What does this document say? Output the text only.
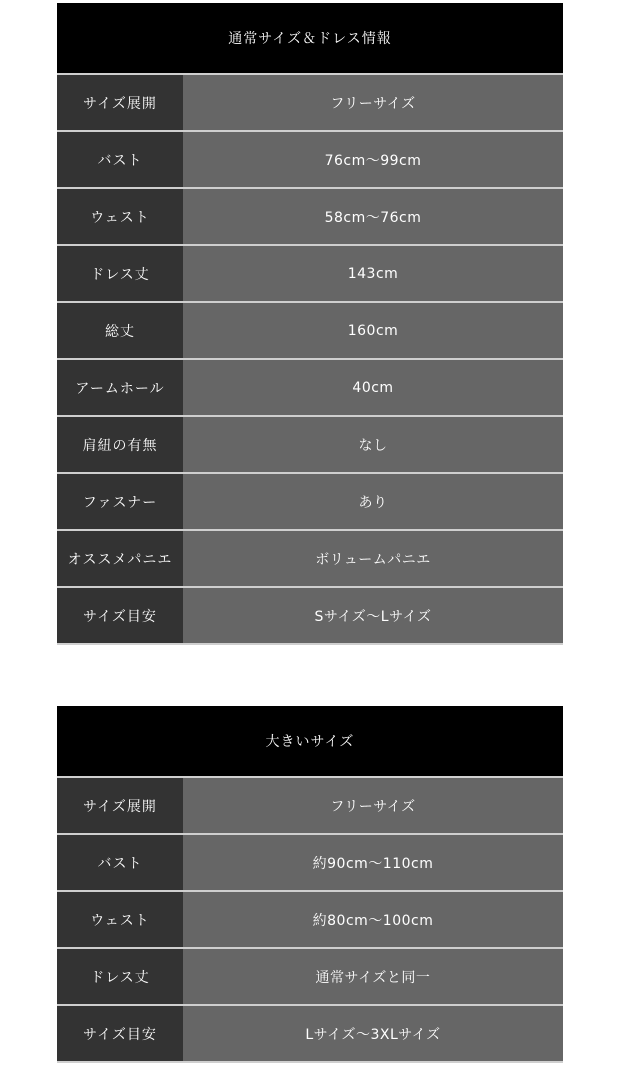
通常サイズ＆ドレス情報
サイズ展開	フリーサイズ
バスト	76cm〜99cm
ウェスト	58cm〜76cm
ドレス丈	143cm
総丈	160cm
アームホール	40cm
肩紐の有無	なし
ファスナー	あり
オススメパニエ	ボリュームパニエ
サイズ目安	Sサイズ〜Lサイズ
大きいサイズ
サイズ展開	フリーサイズ
バスト	約90cm〜110cm
ウェスト	約80cm〜100cm
ドレス丈	通常サイズと同一
サイズ目安	Lサイズ〜3XLサイズ
